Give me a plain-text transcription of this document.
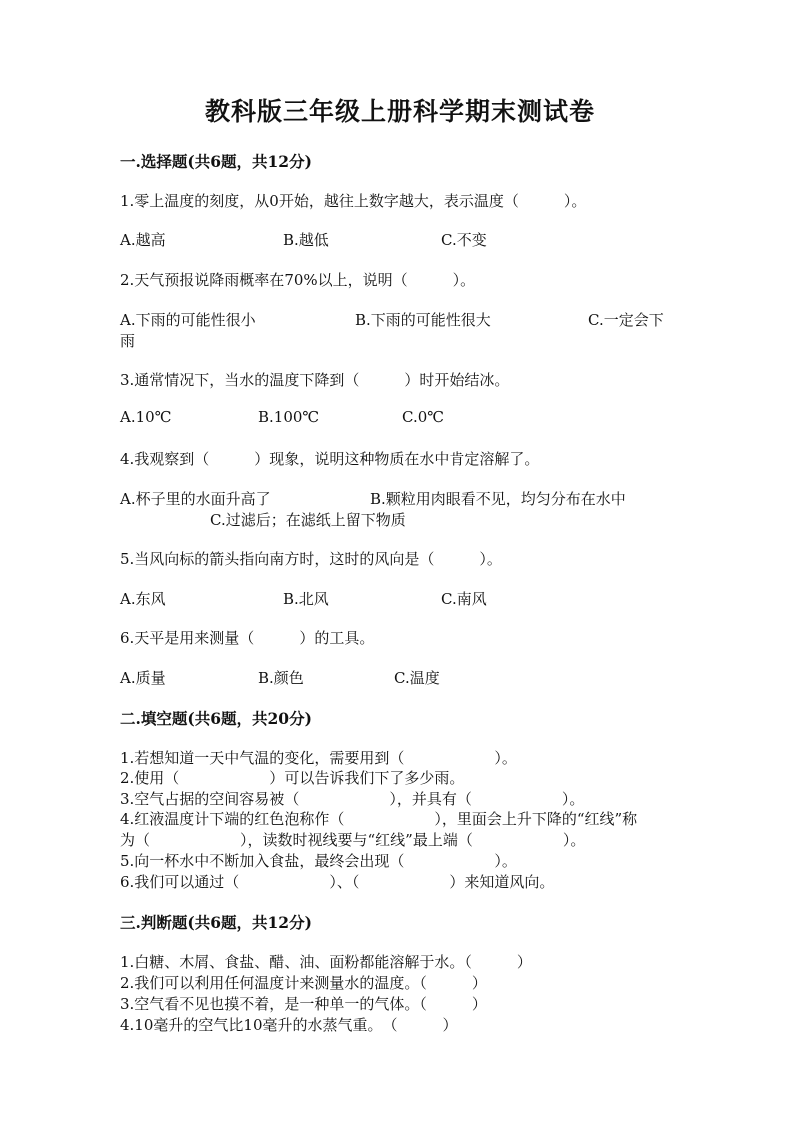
教科版三年级上册科学期末测试卷
一.选择题(共6题，共12分)
1.零上温度的刻度，从0开始，越往上数字越大，表示温度（　　　）。
A.越高	B.越低	C.不变
2.天气预报说降雨概率在70%以上，说明（　　　）。
A.下雨的可能性很小	B.下雨的可能性很大	C.一定会下
雨
3.通常情况下，当水的温度下降到（　　　）时开始结冰。
A.10℃	B.100℃	C.0℃
4.我观察到（　　　）现象，说明这种物质在水中肯定溶解了。
A.杯子里的水面升高了	B.颗粒用肉眼看不见，均匀分布在水中
C.过滤后；在滤纸上留下物质
5.当风向标的箭头指向南方时，这时的风向是（　　　）。
A.东风	B.北风	C.南风
6.天平是用来测量（　　　）的工具。
A.质量	B.颜色	C.温度
二.填空题(共6题，共20分)
1.若想知道一天中气温的变化，需要用到（　　　　　　）。
2.使用（　　　　　　）可以告诉我们下了多少雨。
3.空气占据的空间容易被（　　　　　　），并具有（　　　　　　）。
4.红液温度计下端的红色泡称作（　　　　　　），里面会上升下降的“红线”称
为（　　　　　　），读数时视线要与“红线”最上端（　　　　　　）。
5.向一杯水中不断加入食盐，最终会出现（　　　　　　）。
6.我们可以通过（　　　　　　）、（　　　　　　）来知道风向。
三.判断题(共6题，共12分)
1.白糖、木屑、食盐、醋、油、面粉都能溶解于水。（　　　）
2.我们可以利用任何温度计来测量水的温度。（　　　）
3.空气看不见也摸不着，是一种单一的气体。（　　　）
4.10毫升的空气比10毫升的水蒸气重。　（　　　）
